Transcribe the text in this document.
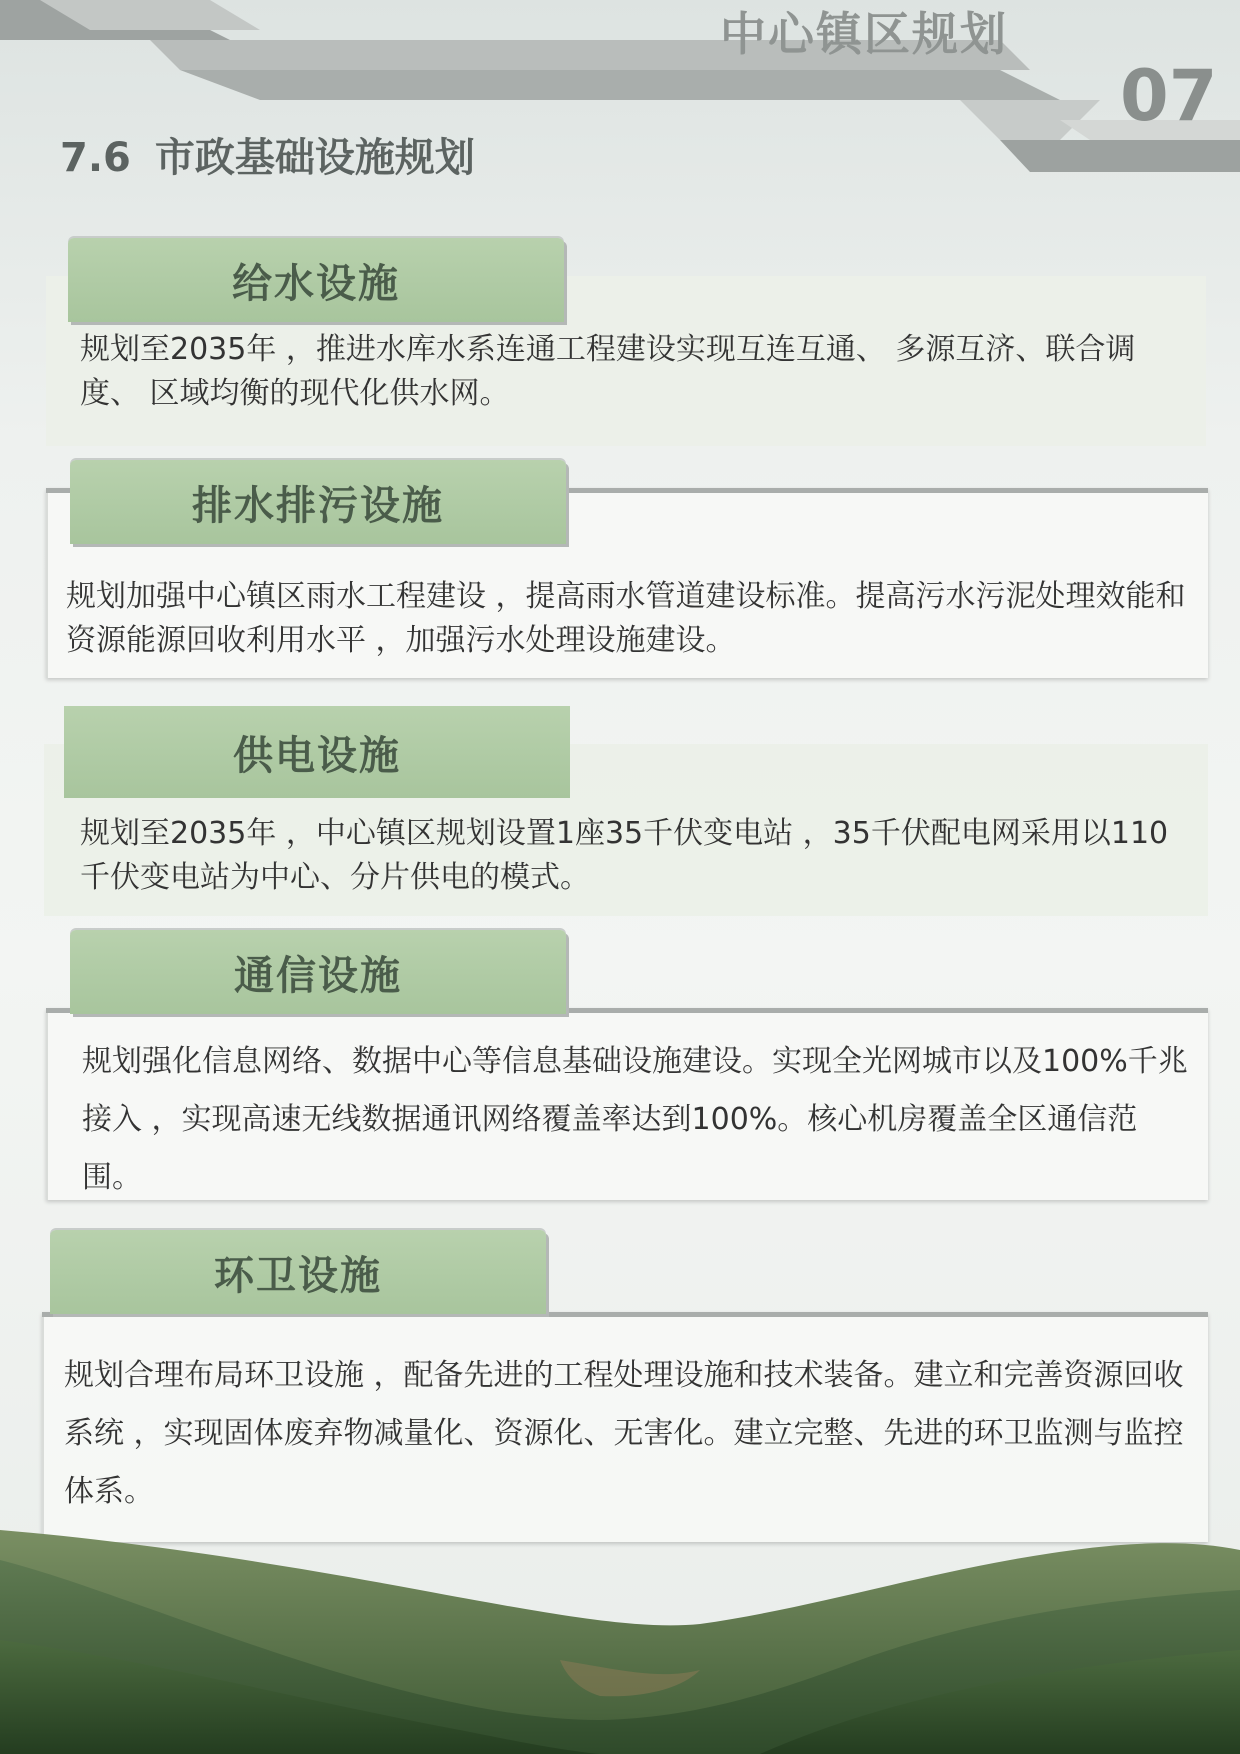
中心镇区规划
07
7.6 市政基础设施规划
规划至2035年 ，推进水库水系连通工程建设实现互连互通、 多源互济、联合调度、 区域均衡的现代化供水网。
给水设施
规划加强中心镇区雨水工程建设 ，提高雨水管道建设标准。提高污水污泥处理效能和资源能源回收利用水平 ，加强污水处理设施建设。
排水排污设施
规划至2035年 ，中心镇区规划设置1座35千伏变电站 ，35千伏配电网采用以110千伏变电站为中心、分片供电的模式。
供电设施
规划强化信息网络、数据中心等信息基础设施建设。实现全光网城市以及100%千兆接入 ，实现高速无线数据通讯网络覆盖率达到100%。核心机房覆盖全区通信范围。
通信设施
规划合理布局环卫设施 ，配备先进的工程处理设施和技术装备。建立和完善资源回收系统 ，实现固体废弃物减量化、资源化、无害化。建立完整、先进的环卫监测与监控体系。
环卫设施
